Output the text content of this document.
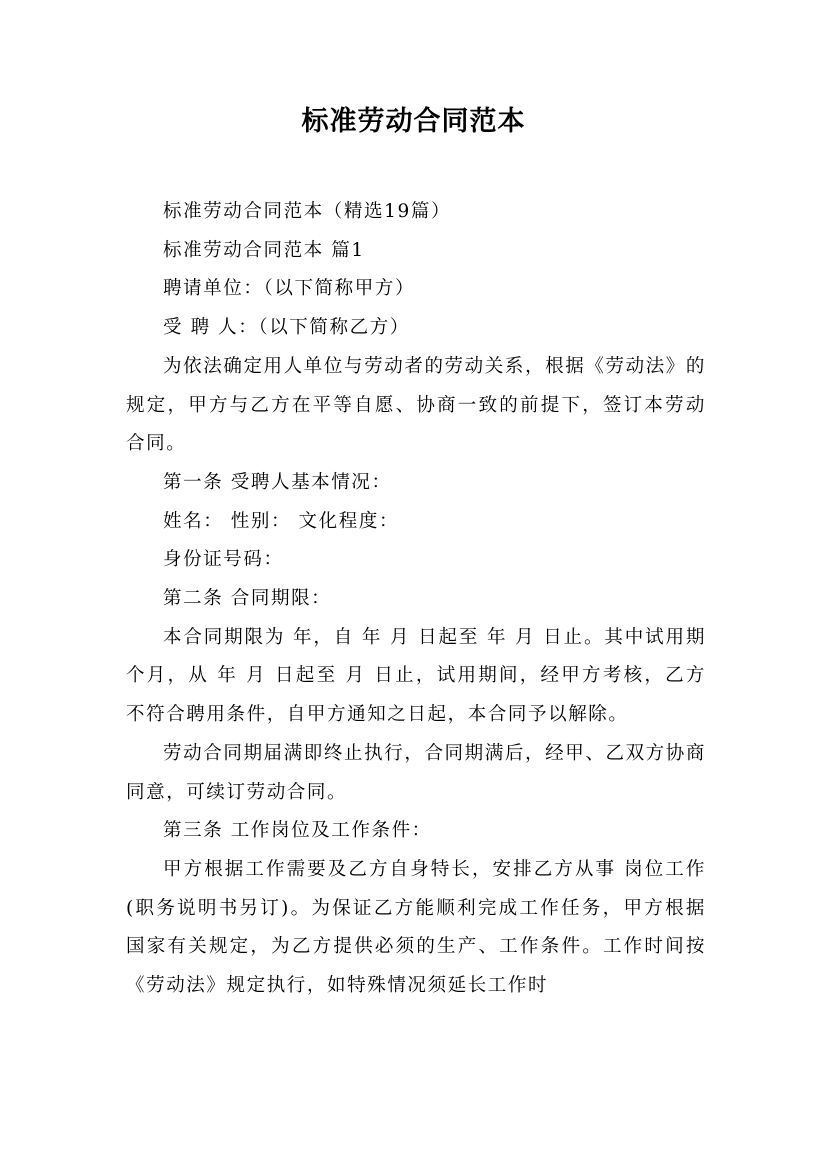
标准劳动合同范本

标准劳动合同范本（精选19篇）

标准劳动合同范本 篇1

聘请单位：（以下简称甲方）

受 聘 人：（以下简称乙方）

为依法确定用人单位与劳动者的劳动关系，根据《劳动法》的规定，甲方与乙方在平等自愿、协商一致的前提下，签订本劳动合同。

第一条 受聘人基本情况：

姓名： 性别： 文化程度：

身份证号码：

第二条 合同期限：

本合同期限为 年，自 年 月 日起至 年 月 日止。其中试用期 个月，从 年 月 日起至 月 日止，试用期间，经甲方考核，乙方不符合聘用条件，自甲方通知之日起，本合同予以解除。

劳动合同期届满即终止执行，合同期满后，经甲、乙双方协商同意，可续订劳动合同。

第三条 工作岗位及工作条件：

甲方根据工作需要及乙方自身特长，安排乙方从事 岗位工作(职务说明书另订)。为保证乙方能顺利完成工作任务，甲方根据国家有关规定，为乙方提供必须的生产、工作条件。工作时间按《劳动法》规定执行，如特殊情况须延长工作时
